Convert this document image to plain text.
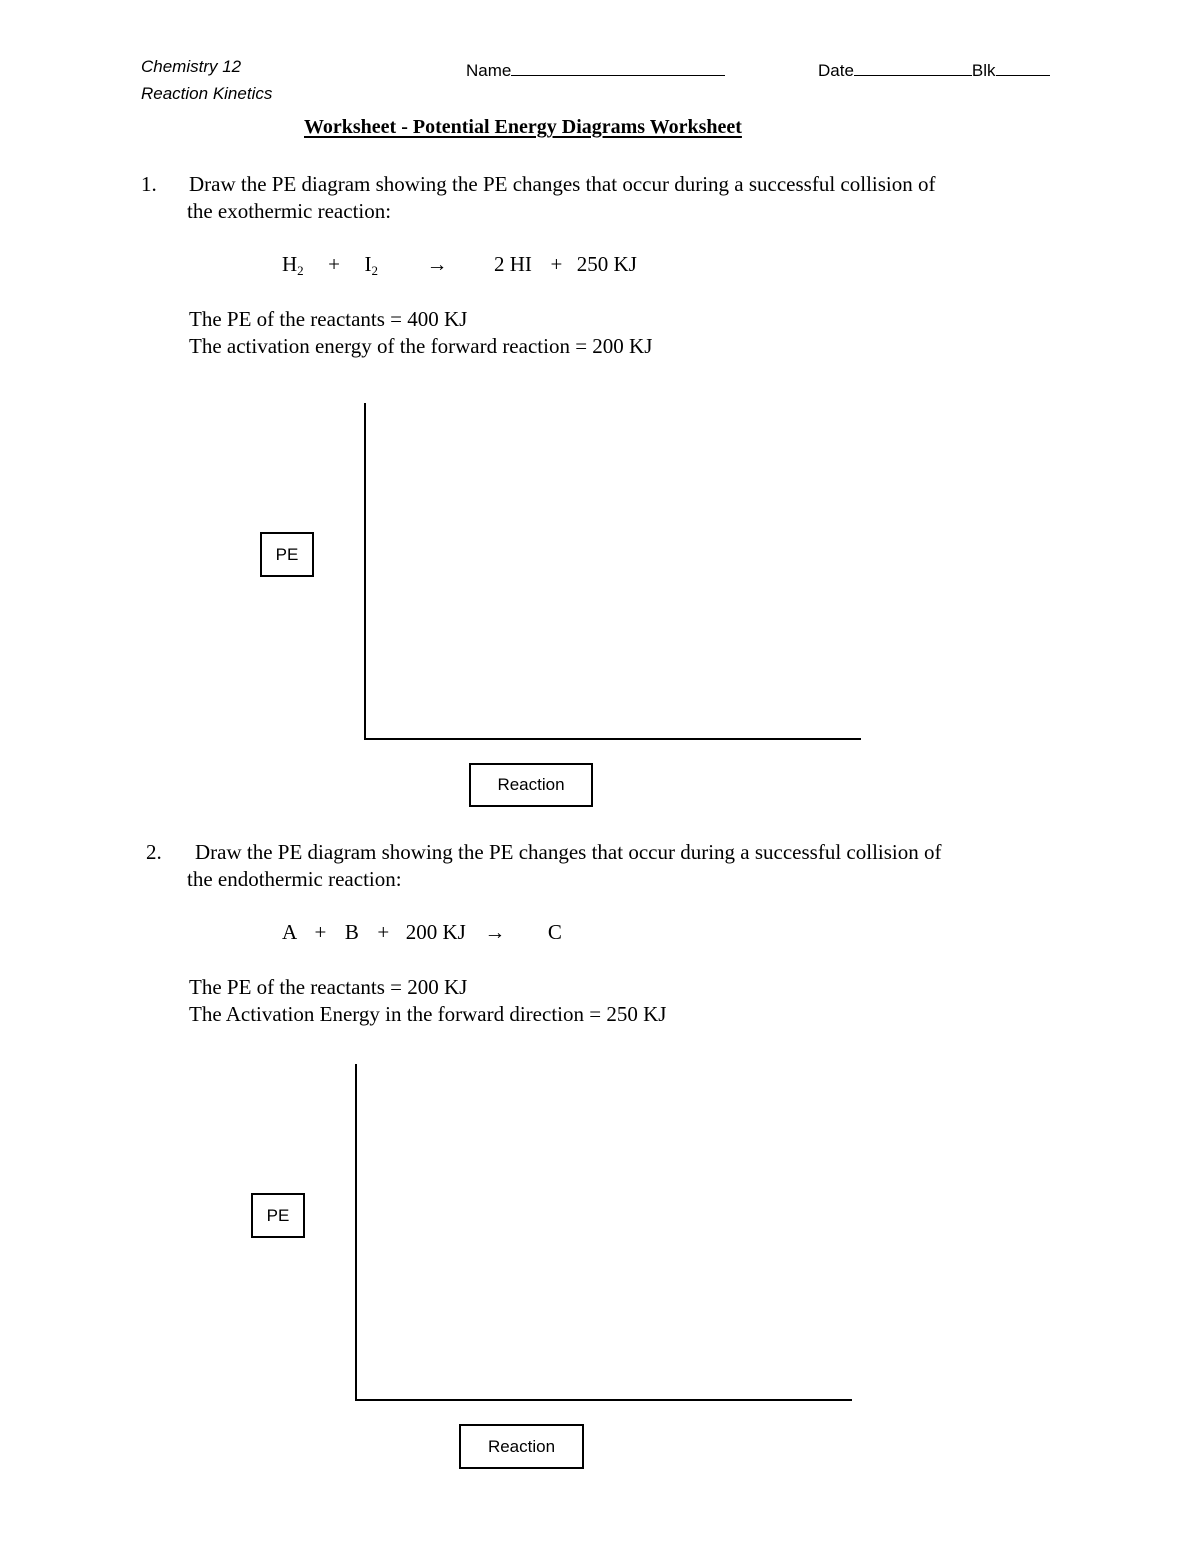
Chemistry 12
Reaction Kinetics
Name	Date	Blk
Worksheet - Potential Energy Diagrams Worksheet
1. Draw the PE diagram showing the PE changes that occur during a successful collision of
the exothermic reaction:
$H_2 + I_2 \to 2$ HI + 250 KJ
The PE of the reactants = 400 KJ
The activation energy of the forward reaction = 200 KJ
PE
Reaction
2. Draw the PE diagram showing the PE changes that occur during a successful collision of
the endothermic reaction:
A + B + 200 KJ → C
The PE of the reactants = 200 KJ
The Activation Energy in the forward direction = 250 KJ
PE
Reaction
